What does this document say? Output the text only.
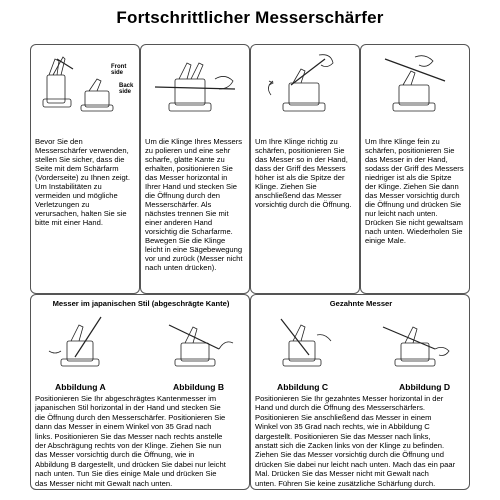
Fortschrittlicher Messerschärfer
Front side
Back side
Bevor Sie den
Messerschärfer verwenden,
stellen Sie sicher, dass die
Seite mit dem Schärfarm
(Vorderseite) zu Ihnen zeigt.
Um Instabilitäten zu
vermeiden und mögliche
Verletzungen zu
verursachen, halten Sie sie
bitte mit einer Hand.
Um die Klinge Ihres Messers
zu polieren und eine sehr
scharfe, glatte Kante zu
erhalten, positionieren Sie
das Messer horizontal in
Ihrer Hand und stecken Sie
die Öffnung durch den
Messerschärfer. Als
nächstes trennen Sie mit
einer anderen Hand
vorsichtig die Scharfarme.
Bewegen Sie die Klinge
leicht in eine Sägebewegung
vor und zurück (Messer nicht
nach unten drücken).
Um Ihre Klinge richtig zu
schärfen, positionieren Sie
das Messer so in der Hand,
dass der Griff des Messers
höher ist als die Spitze der
Klinge. Ziehen Sie
anschließend das Messer
vorsichtig durch die Öffnung.
Um Ihre Klinge fein zu
schärfen, positionieren Sie
das Messer in der Hand,
sodass der Griff des Messers
niedriger ist als die Spitze
der Klinge. Ziehen Sie dann
das Messer vorsichtig durch
die Öffnung und drücken Sie
nur leicht nach unten.
Drücken Sie nicht gewaltsam
nach unten. Wiederholen Sie
einige Male.
Messer im japanischen Stil (abgeschrägte Kante)
Abbildung A	Abbildung B
Positionieren Sie Ihr abgeschrägtes Kantenmesser im
japanischen Stil horizontal in der Hand und stecken Sie
die Öffnung durch den Messerschärfer. Positionieren Sie
dann das Messer in einem Winkel von 35 Grad nach
links. Positionieren Sie das Messer nach rechts anstelle
der Abschrägung rechts von der Klinge. Ziehen Sie nun
das Messer vorsichtig durch die Öffnung, wie in
Abbildung B dargestellt, und drücken Sie dabei nur leicht
nach unten. Tun Sie dies einige Male und drücken Sie
das Messer nicht mit Gewalt nach unten.
Gezahnte Messer
Abbildung C	Abbildung D
Positionieren Sie Ihr gezahntes Messer horizontal in der
Hand und durch die Öffnung des Messerschärfers.
Positionieren Sie anschließend das Messer in einem
Winkel von 35 Grad nach rechts, wie in Abbildung C
dargestellt. Positionieren Sie das Messer nach links,
anstatt sich die Zacken links von der Klinge zu befinden.
Ziehen Sie das Messer vorsichtig durch die Öffnung und
drücken Sie dabei nur leicht nach unten. Mach das ein paar
Mal. Drücken Sie das Messer nicht mit Gewalt nach
unten. Führen Sie keine zusätzliche Schärfung durch.
